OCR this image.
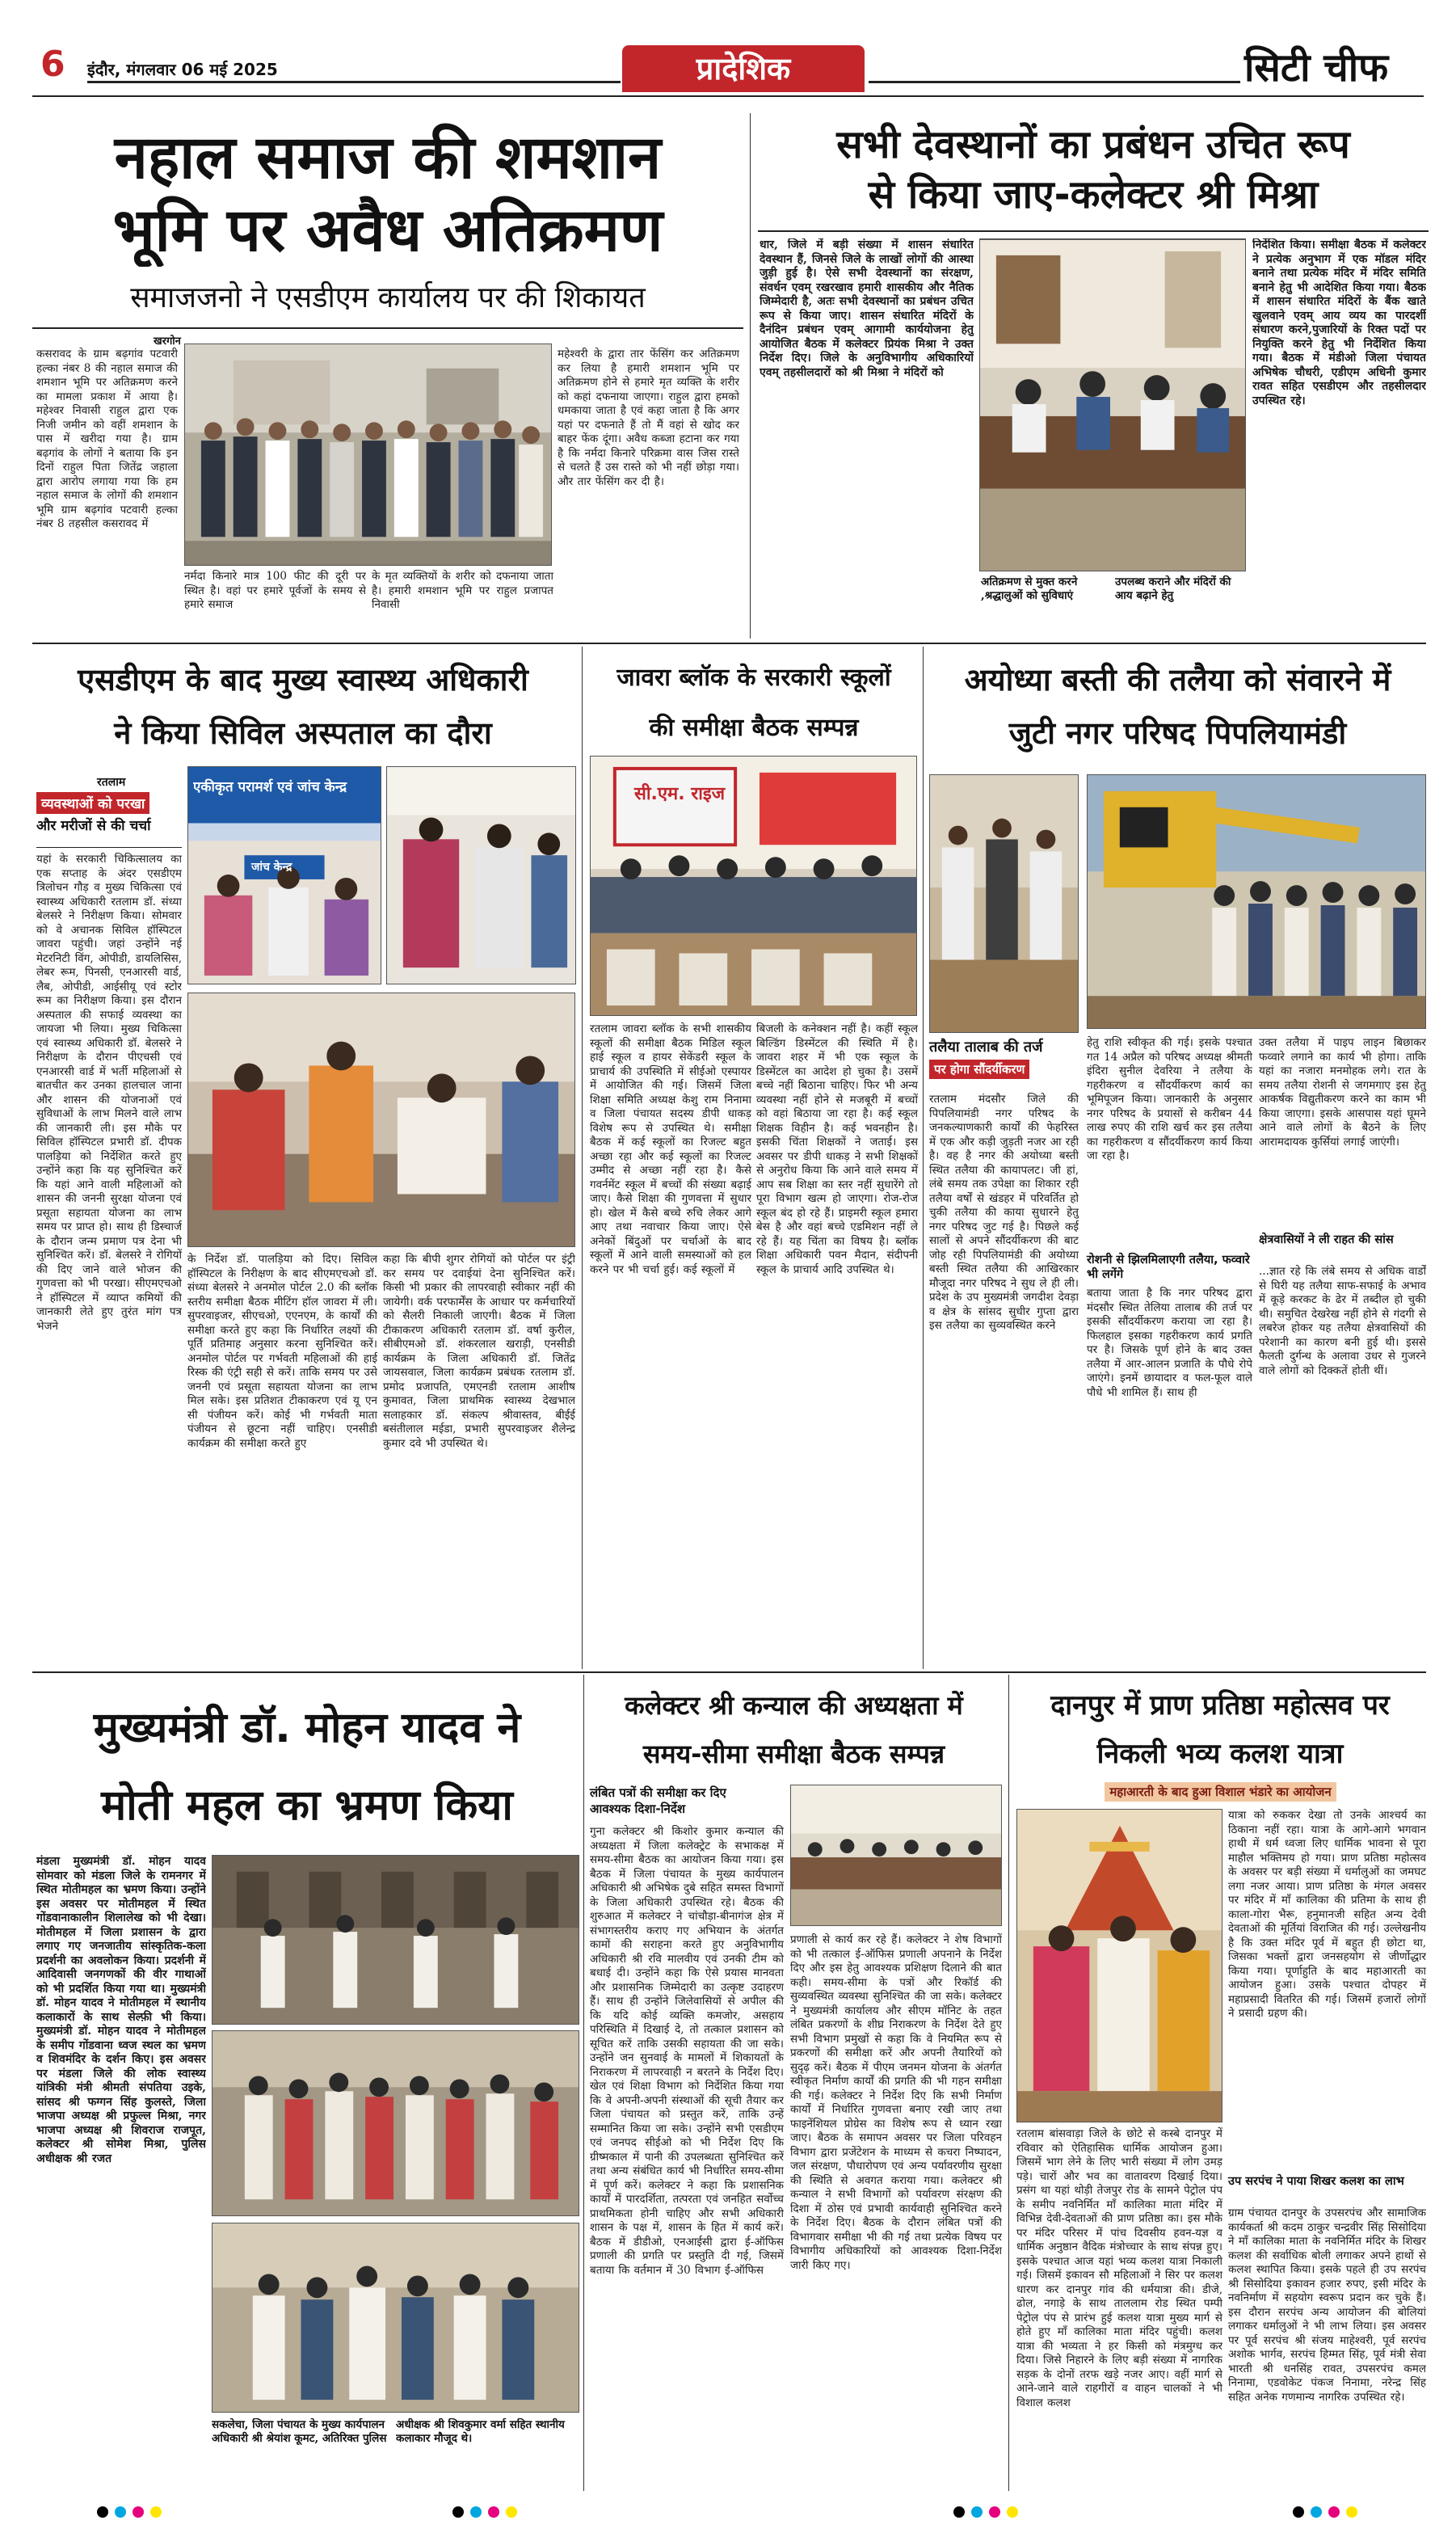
6 इंदौर, मंगलवार 06 मई 2025	प्रादेशिक	सिटी चीफ
नहाल समाज की शमशान
भूमि पर अवैध अतिक्रमण
समाजजनो ने एसडीएम कार्यालय पर की शिकायत
खरगोन
कसरावद के ग्राम बढ़गांव पटवारी हल्का नंबर 8 की नहाल समाज की शमशान भूमि पर अतिक्रमण करने का मामला प्रकाश में आया है। महेश्वर निवासी राहुल द्वारा एक निजी जमीन को वहीं शमशान के पास में खरीदा गया है। ग्राम बढ़गांव के लोगों ने बताया कि इन दिनों राहुल पिता जितेंद्र जहाला द्वारा आरोप लगाया गया कि हम नहाल समाज के लोगों की शमशान भूमि ग्राम बढ़गांव पटवारी हल्का नंबर 8 तहसील कसरावद में
महेश्वरी के द्वारा तार फेंसिंग कर अतिक्रमण कर लिया है हमारी शमशान भूमि पर अतिक्रमण होने से हमारे मृत व्यक्ति के शरीर को कहां दफनाया जाएगा। राहुल द्वारा हमको धमकाया जाता है एवं कहा जाता है कि अगर यहां पर दफनाते हैं तो मैं वहां से खोद कर बाहर फेंक दूंगा। अवैध कब्जा हटाना कर गया है कि नर्मदा किनारे परिक्रमा वास जिस रास्ते से चलते हैं उस रास्ते को भी नहीं छोड़ा गया। और तार फेंसिंग कर दी है।
नर्मदा किनारे मात्र 100 फीट की दूरी पर स्थित है। वहां पर हमारे पूर्वजों के समय से हमारे समाज
के मृत व्यक्तियों के शरीर को दफनाया जाता है। हमारी शमशान भूमि पर राहुल प्रजापत निवासी
सभी देवस्थानों का प्रबंधन उचित रूप
से किया जाए-कलेक्टर श्री मिश्रा
धार, जिले में बड़ी संख्या में शासन संधारित देवस्थान हैं, जिनसे जिले के लाखों लोगों की आस्था जुड़ी हुई है। ऐसे सभी देवस्थानों का संरक्षण, संवर्धन एवम् रखरखाव हमारी शासकीय और नैतिक जिम्मेदारी है, अतः सभी देवस्थानों का प्रबंधन उचित रूप से किया जाए। शासन संधारित मंदिरों के दैनंदिन प्रबंधन एवम् आगामी कार्ययोजना हेतु आयोजित बैठक में कलेक्टर प्रियंक मिश्रा ने उक्त निर्देश दिए। जिले के अनुविभागीय अधिकारियों एवम् तहसीलदारों को श्री मिश्रा ने मंदिरों को
अतिक्रमण से मुक्त करने ,श्रद्धालुओं को सुविधाएं
उपलब्ध कराने और मंदिरों की आय बढ़ाने हेतु
निर्देशित किया। समीक्षा बैठक में कलेक्टर ने प्रत्येक अनुभाग में एक मॉडल मंदिर बनाने तथा प्रत्येक मंदिर में मंदिर समिति बनाने हेतु भी आदेशित किया गया। बैठक में शासन संधारित मंदिरों के बैंक खाते खुलवाने एवम् आय व्यय का पारदर्शी संधारण करने,पुजारियों के रिक्त पदों पर नियुक्ति करने हेतु भी निर्देशित किया गया। बैठक में मंडीओ जिला पंचायत अभिषेक चौधरी, एडीएम अधिनी कुमार रावत सहित एसडीएम और तहसीलदार उपस्थित रहे।
एसडीएम के बाद मुख्य स्वास्थ्य अधिकारी
ने किया सिविल अस्पताल का दौरा
रतलाम
व्यवस्थाओं को परखा
और मरीजों से की चर्चा
यहां के सरकारी चिकित्सालय का एक सप्ताह के अंदर एसडीएम त्रिलोचन गौड़ व मुख्य चिकित्सा एवं स्वास्थ्य अधिकारी रतलाम डॉ. संध्या बेलसरे ने निरीक्षण किया। सोमवार को वे अचानक सिविल हॉस्पिटल जावरा पहुंची। जहां उन्होंने नई मेटरनिटी विंग, ओपीडी, डायलिसिस, लेबर रूम, पिनसी, एनआरसी वार्ड, लैब, ओपीडी, आईसीयू एवं स्टोर रूम का निरीक्षण किया। इस दौरान अस्पताल की सफाई व्यवस्था का जायजा भी लिया। मुख्य चिकित्सा एवं स्वास्थ्य अधिकारी डॉ. बेलसरे ने निरीक्षण के दौरान पीएचसी एवं एनआरसी वार्ड में भर्ती महिलाओं से बातचीत कर उनका हालचाल जाना और शासन की योजनाओं एवं सुविधाओं के लाभ मिलने वाले लाभ की जानकारी ली। इस मौके पर सिविल हॉस्पिटल प्रभारी डॉ. दीपक पालड़िया को निर्देशित करते हुए उन्होंने कहा कि यह सुनिश्चित करें कि यहां आने वाली महिलाओं को शासन की जननी सुरक्षा योजना एवं प्रसूता सहायता योजना का लाभ समय पर प्राप्त हो। साथ ही डिस्चार्ज के दौरान जन्म प्रमाण पत्र देना भी सुनिश्चित करें। डॉ. बेलसरे ने रोगियों की दिए जाने वाले भोजन की गुणवत्ता को भी परखा। सीएमएचओ ने हॉस्पिटल में व्याप्त कमियों की जानकारी लेते हुए तुरंत मांग पत्र भेजने
एकीकृत परामर्श एवं जांच केन्द्र
जांच केन्द्र
के निर्देश डॉ. पालड़िया को दिए। सिविल हॉस्पिटल के निरीक्षण के बाद सीएमएचओ डॉ. संध्या बेलसरे ने अनमोल पोर्टल 2.0 की ब्लॉक स्तरीय समीक्षा बैठक मीटिंग हॉल जावरा में ली। सुपरवाइजर, सीएचओ, एएनएम, के कार्यों की समीक्षा करते हुए कहा कि निर्धारित लक्ष्यों की पूर्ति प्रतिमाह अनुसार करना सुनिश्चित करें। अनमोल पोर्टल पर गर्भवती महिलाओं की हाई रिस्क की एंट्री सही से करें। ताकि समय पर उसे जननी एवं प्रसूता सहायता योजना का लाभ मिल सके। इस प्रतिशत टीकाकरण एवं यू एन सी पंजीयन करें। कोई भी गर्भवती माता पंजीयन से छूटना नहीं चाहिए। एनसीडी कार्यक्रम की समीक्षा करते हुए
कहा कि बीपी शुगर रोगियों को पोर्टल पर इंट्री कर समय पर दवाईयां देना सुनिश्चित करें। किसी भी प्रकार की लापरवाही स्वीकार नहीं की जायेगी। वर्क परफार्मेंस के आधार पर कर्मचारियों को सैलरी निकाली जाएगी। बैठक में जिला टीकाकरण अधिकारी रतलाम डॉ. वर्षा कुरील, सीबीएमओ डॉ. शंकरलाल खराड़ी, एनसीडी कार्यक्रम के जिला अधिकारी डॉ. जितेंद्र जायसवाल, जिला कार्यक्रम प्रबंधक रतलाम डॉ. प्रमोद प्रजापति, एमएनडी रतलाम आशीष कुमावत, जिला प्राथमिक स्वास्थ्य देखभाल सलाहकार डॉ. संकल्प श्रीवास्तव, बीईई बसंतीलाल मईडा, प्रभारी सुपरवाइजर शैलेन्द्र कुमार दवे भी उपस्थित थे।
जावरा ब्लॉक के सरकारी स्कूलों
की समीक्षा बैठक सम्पन्न
सी.एम. राइज
रतलाम जावरा ब्लॉक के सभी शासकीय स्कूलों की समीक्षा बैठक मिडिल स्कूल हाई स्कूल व हायर सेकेंडरी स्कूल के प्राचार्य की उपस्थिति में सीईओ एस्पायर में आयोजित की गई। जिसमें जिला शिक्षा समिति अध्यक्ष केशु राम निनामा व जिला पंचायत सदस्य डीपी धाकड़ विशेष रूप से उपस्थित थे। समीक्षा बैठक में कई स्कूलों का रिजल्ट बहुत अच्छा रहा और कई स्कूलों का रिजल्ट उम्मीद से अच्छा नहीं रहा है। कैसे गवर्नमेंट स्कूल में बच्चों की संख्या बढ़ाई जाए। कैसे शिक्षा की गुणवत्ता में सुधार हो। खेल में कैसे बच्चे रुचि लेकर आगे आए तथा नवाचार किया जाए। ऐसे अनेकों बिंदुओं पर चर्चाओं के बाद स्कूलों में आने वाली समस्याओं को हल करने पर भी चर्चा हुई। कई स्कूलों में
बिजली के कनेक्शन नहीं है। कहीं स्कूल बिल्डिंग डिस्मेंटल की स्थिति में है। जावरा शहर में भी एक स्कूल के डिस्मेंटल का आदेश हो चुका है। उसमें बच्चे नहीं बिठाना चाहिए। फिर भी अन्य व्यवस्था नहीं होने से मजबूरी में बच्चों को वहां बिठाया जा रहा है। कई स्कूल शिक्षक विहीन है। कई भवनहीन है। इसकी चिंता शिक्षकों ने जताई। इस अवसर पर डीपी धाकड़ ने सभी शिक्षकों से अनुरोध किया कि आने वाले समय में आप सब शिक्षा का स्तर नहीं सुधारेंगे तो पूरा विभाग खत्म हो जाएगा। रोज-रोज स्कूल बंद हो रहे हैं। प्राइमरी स्कूल हमारा बेस है और वहां बच्चे एडमिशन नहीं ले रहे हैं। यह चिंता का विषय है। ब्लॉक शिक्षा अधिकारी पवन मैदान, संदीपनी स्कूल के प्राचार्य आदि उपस्थित थे।
अयोध्या बस्ती की तलैया को संवारने में
जुटी नगर परिषद पिपलियामंडी
तलैया तालाब की तर्ज
पर होगा सौंदर्यीकरण
रतलाम मंदसौर जिले की पिपलियामंडी नगर परिषद के जनकल्याणकारी कार्यों की फेहरिस्त में एक और कड़ी जुड़ती नजर आ रही है। वह है नगर की अयोध्या बस्ती स्थित तलैया की कायापलट। जी हां, लंबे समय तक उपेक्षा का शिकार रही तलैया वर्षों से खंडहर में परिवर्तित हो चुकी तलैया की काया सुधारने हेतु नगर परिषद जुट गई है। पिछले कई सालों से अपने सौंदर्यीकरण की बाट जोह रही पिपलियामंडी की अयोध्या बस्ती स्थित तलैया की आखिरकार मौजूदा नगर परिषद ने सुध ले ही ली। प्रदेश के उप मुख्यमंत्री जगदीश देवड़ा व क्षेत्र के सांसद सुधीर गुप्ता द्वारा इस तलैया का सुव्यवस्थित करने
हेतु राशि स्वीकृत की गई। इसके पश्चात गत 14 अप्रैल को परिषद अध्यक्ष श्रीमती इंदिरा सुनील देवरिया ने तलैया के गहरीकरण व सौंदर्यीकरण कार्य का भूमिपूजन किया। जानकारी के अनुसार नगर परिषद के प्रयासों से करीबन 44 लाख रुपए की राशि खर्च कर इस तलैया का गहरीकरण व सौंदर्यीकरण कार्य किया जा रहा है।
रोशनी से झिलमिलाएगी तलैया, फव्वारे भी लगेंगे
बताया जाता है कि नगर परिषद द्वारा मंदसौर स्थित तेलिया तालाब की तर्ज पर इसकी सौंदर्यीकरण कराया जा रहा है। फिलहाल इसका गहरीकरण कार्य प्रगति पर है। जिसके पूर्ण होने के बाद उक्त तलैया में आर-आलन प्रजाति के पौधे रोपे जाएंगे। इनमें छायादार व फल-फूल वाले पौधे भी शामिल हैं। साथ ही
उक्त तलैया में पाइप लाइन बिछाकर फव्वारे लगाने का कार्य भी होगा। ताकि यहां का नजारा मनमोहक लगे। रात के समय तलैया रोशनी से जगमगाए इस हेतु आकर्षक विद्युतीकरण करने का काम भी किया जाएगा। इसके आसपास यहां घूमने आने वाले लोगों के बैठने के लिए आरामदायक कुर्सियां लगाई जाएंगी।
क्षेत्रवासियों ने ली राहत की सांस
...ज्ञात रहे कि लंबे समय से अधिक वार्डों से घिरी यह तलैया साफ-सफाई के अभाव में कूड़े करकट के ढेर में तब्दील हो चुकी थी। समुचित देखरेख नहीं होने से गंदगी से लबरेज होकर यह तलैया क्षेत्रवासियों की परेशानी का कारण बनी हुई थी। इससे फैलती दुर्गन्ध के अलावा उधर से गुजरने वाले लोगों को दिक्कतें होती थीं।
कलेक्टर श्री कन्याल की अध्यक्षता में
समय-सीमा समीक्षा बैठक सम्पन्न
लंबित पत्रों की समीक्षा कर दिए
आवश्यक दिशा-निर्देश
गुना कलेक्टर श्री किशोर कुमार कन्याल की अध्यक्षता में जिला कलेक्ट्रेट के सभाकक्ष में समय-सीमा बैठक का आयोजन किया गया। इस बैठक में जिला पंचायत के मुख्य कार्यपालन अधिकारी श्री अभिषेक दुबे सहित समस्त विभागों के जिला अधिकारी उपस्थित रहे। बैठक की शुरुआत में कलेक्टर ने चांचौड़ा-बीनागंज क्षेत्र में संभागस्तरीय कराए गए अभियान के अंतर्गत कामों की सराहना करते हुए अनुविभागीय अधिकारी श्री रवि मालवीय एवं उनकी टीम को बधाई दी। उन्होंने कहा कि ऐसे प्रयास मानवता और प्रशासनिक जिम्मेदारी का उत्कृष्ट उदाहरण हैं। साथ ही उन्होंने जिलेवासियों से अपील की कि यदि कोई व्यक्ति कमजोर, असहाय परिस्थिति में दिखाई दे, तो तत्काल प्रशासन को सूचित करें ताकि उसकी सहायता की जा सके। उन्होंने जन सुनवाई के मामलों में शिकायतों के निराकरण में लापरवाही न बरतने के निर्देश दिए। खेल एवं शिक्षा विभाग को निर्देशित किया गया कि वे अपनी-अपनी संस्थाओं की सूची तैयार कर जिला पंचायत को प्रस्तुत करें, ताकि उन्हें सम्मानित किया जा सके। उन्होंने सभी एसडीएम एवं जनपद सीईओ को भी निर्देश दिए कि ग्रीष्मकाल में पानी की उपलब्धता सुनिश्चित करें तथा अन्य संबंधित कार्य भी निर्धारित समय-सीमा में पूर्ण करें। कलेक्टर ने कहा कि प्रशासनिक कार्यों में पारदर्शिता, तत्परता एवं जनहित सर्वोच्च प्राथमिकता होनी चाहिए और सभी अधिकारी शासन के पक्ष में, शासन के हित में कार्य करें। बैठक में डीडीओ, एनआईसी द्वारा ई-ऑफिस प्रणाली की प्रगति पर प्रस्तुति दी गई, जिसमें बताया कि वर्तमान में 30 विभाग ई-ऑफिस
प्रणाली से कार्य कर रहे हैं। कलेक्टर ने शेष विभागों को भी तत्काल ई-ऑफिस प्रणाली अपनाने के निर्देश दिए और इस हेतु आवश्यक प्रशिक्षण दिलाने की बात कही। समय-सीमा के पत्रों और रिकॉर्ड की सुव्यवस्थित व्यवस्था सुनिश्चित की जा सके। कलेक्टर ने मुख्यमंत्री कार्यालय और सीएम मॉनिट के तहत लंबित प्रकरणों के शीघ्र निराकरण के निर्देश देते हुए सभी विभाग प्रमुखों से कहा कि वे नियमित रूप से प्रकरणों की समीक्षा करें और अपनी तैयारियों को सुदृढ़ करें। बैठक में पीएम जनमन योजना के अंतर्गत स्वीकृत निर्माण कार्यों की प्रगति की भी गहन समीक्षा की गई। कलेक्टर ने निर्देश दिए कि सभी निर्माण कार्यों में निर्धारित गुणवत्ता बनाए रखी जाए तथा फाइनेंशियल प्रोग्रेस का विशेष रूप से ध्यान रखा जाए। बैठक के समापन अवसर पर जिला परिवहन विभाग द्वारा प्रजेंटेशन के माध्यम से कचरा निष्पादन, जल संरक्षण, पौधारोपण एवं अन्य पर्यावरणीय सुरक्षा की स्थिति से अवगत कराया गया। कलेक्टर श्री कन्याल ने सभी विभागों को पर्यावरण संरक्षण की दिशा में ठोस एवं प्रभावी कार्यवाही सुनिश्चित करने के निर्देश दिए। बैठक के दौरान लंबित पत्रों की विभागवार समीक्षा भी की गई तथा प्रत्येक विषय पर विभागीय अधिकारियों को आवश्यक दिशा-निर्देश जारी किए गए।
दानपुर में प्राण प्रतिष्ठा महोत्सव पर
निकली भव्य कलश यात्रा
महाआरती के बाद हुआ विशाल भंडारे का आयोजन
रतलाम बांसवाड़ा जिले के छोटे से कस्बे दानपुर में रविवार को ऐतिहासिक धार्मिक आयोजन हुआ। जिसमें भाग लेने के लिए भारी संख्या में लोग उमड़ पड़े। चारों और भव का वातावरण दिखाई दिया। प्रसंग था यहां थोड़ी तेजपुर रोड के सामने पेट्रोल पंप के समीप नवनिर्मित माँ कालिका माता मंदिर में विभिन्न देवी-देवताओं की प्राण प्रतिष्ठा का। इस मौके पर मंदिर परिसर में पांच दिवसीय हवन-यज्ञ व धार्मिक अनुष्ठान वैदिक मंत्रोच्चार के साथ संपन्न हुए। इसके पश्चात आज यहां भव्य कलश यात्रा निकाली गई। जिसमें इकावन सौ महिलाओं ने सिर पर कलश धारण कर दानपुर गांव की धर्मयात्रा की। डीजे, ढोल, नगाड़े के साथ ताललाम रोड स्थित पम्पी पेट्रोल पंप से प्रारंभ हुई कलश यात्रा मुख्य मार्ग से होते हुए माँ कालिका माता मंदिर पहुंची। कलश यात्रा की भव्यता ने हर किसी को मंत्रमुग्ध कर दिया। जिसे निहारने के लिए बड़ी संख्या में नागरिक सड़क के दोनों तरफ खड़े नजर आए। वहीं मार्ग से आने-जाने वाले राहगीरों व वाहन चालकों ने भी विशाल कलश
यात्रा को रुककर देखा तो उनके आश्चर्य का ठिकाना नहीं रहा। यात्रा के आगे-आगे भगवान हाथी में धर्म ध्वजा लिए धार्मिक भावना से पूरा माहौल भक्तिमय हो गया। प्राण प्रतिष्ठा महोत्सव के अवसर पर बड़ी संख्या में धर्मालुओं का जमघट लगा नजर आया। प्राण प्रतिष्ठा के मंगल अवसर पर मंदिर में माँ कालिका की प्रतिमा के साथ ही काला-गोरा भैरू, हनुमानजी सहित अन्य देवी देवताओं की मूर्तियां विराजित की गई। उल्लेखनीय है कि उक्त मंदिर पूर्व में बहुत ही छोटा था, जिसका भक्तों द्वारा जनसहयोग से जीर्णोद्धार किया गया। पूर्णाहुति के बाद महाआरती का आयोजन हुआ। उसके पश्चात दोपहर में महाप्रसादी वितरित की गई। जिसमें हजारों लोगों ने प्रसादी ग्रहण की।
उप सरपंच ने पाया शिखर कलश का लाभ
ग्राम पंचायत दानपुर के उपसरपंच और सामाजिक कार्यकर्ता श्री कदम ठाकुर चन्द्रवीर सिंह सिसोदिया ने माँ कालिका माता के नवनिर्मित मंदिर के शिखर कलश की सर्वाधिक बोली लगाकर अपने हाथों से कलश स्थापित किया। इसके पहले ही उप सरपंच श्री सिसोदिया इकावन हजार रुपए, इसी मंदिर के नवनिर्माण में सहयोग स्वरूप प्रदान कर चुके हैं। इस दौरान सरपंच अन्य आयोजन की बोलियां लगाकर धर्मालुओं ने भी लाभ लिया। इस अवसर पर पूर्व सरपंच श्री संजय माहेश्वरी, पूर्व सरपंच अशोक भार्गव, सरपंच हिम्मत सिंह, पूर्व मंत्री सेवा भारती श्री धनसिंह रावत, उपसरपंच कमल निनामा, एडवोकेट पंकज निनामा, नरेन्द्र सिंह सहित अनेक गणमान्य नागरिक उपस्थित रहे।
मुख्यमंत्री डॉ. मोहन यादव ने
मोती महल का भ्रमण किया
मंडला मुख्यमंत्री डॉ. मोहन यादव सोमवार को मंडला जिले के रामनगर में स्थित मोतीमहल का भ्रमण किया। उन्होंने इस अवसर पर मोतीमहल में स्थित गोंडवानाकालीन शिलालेख को भी देखा। मोतीमहल में जिला प्रशासन के द्वारा लगाए गए जनजातीय सांस्कृतिक-कला प्रदर्शनी का अवलोकन किया। प्रदर्शनी में आदिवासी जनगणकों की वीर गाथाओं को भी प्रदर्शित किया गया था। मुख्यमंत्री डॉ. मोहन यादव ने मोतीमहल में स्थानीय कलाकारों के साथ सेल्फ़ी भी किया। मुख्यमंत्री डॉ. मोहन यादव ने मोतीमहल के समीप गोंडवाना ध्वज स्थल का भ्रमण व शिवमंदिर के दर्शन किए। इस अवसर पर मंडला जिले की लोक स्वास्थ्य यांत्रिकी मंत्री श्रीमती संपतिया उइके, सांसद श्री फग्गन सिंह कुलस्ते, जिला भाजपा अध्यक्ष श्री प्रफुल्ल मिश्रा, नगर भाजपा अध्यक्ष श्री शिवराज राजपूत, कलेक्टर श्री सोमेश मिश्रा, पुलिस अधीक्षक श्री रजत
सकलेचा, जिला पंचायत के मुख्य कार्यपालन अधिकारी श्री श्रेयांश कूमट, अतिरिक्त पुलिस
अधीक्षक श्री शिवकुमार वर्मा सहित स्थानीय कलाकार मौजूद थे।
